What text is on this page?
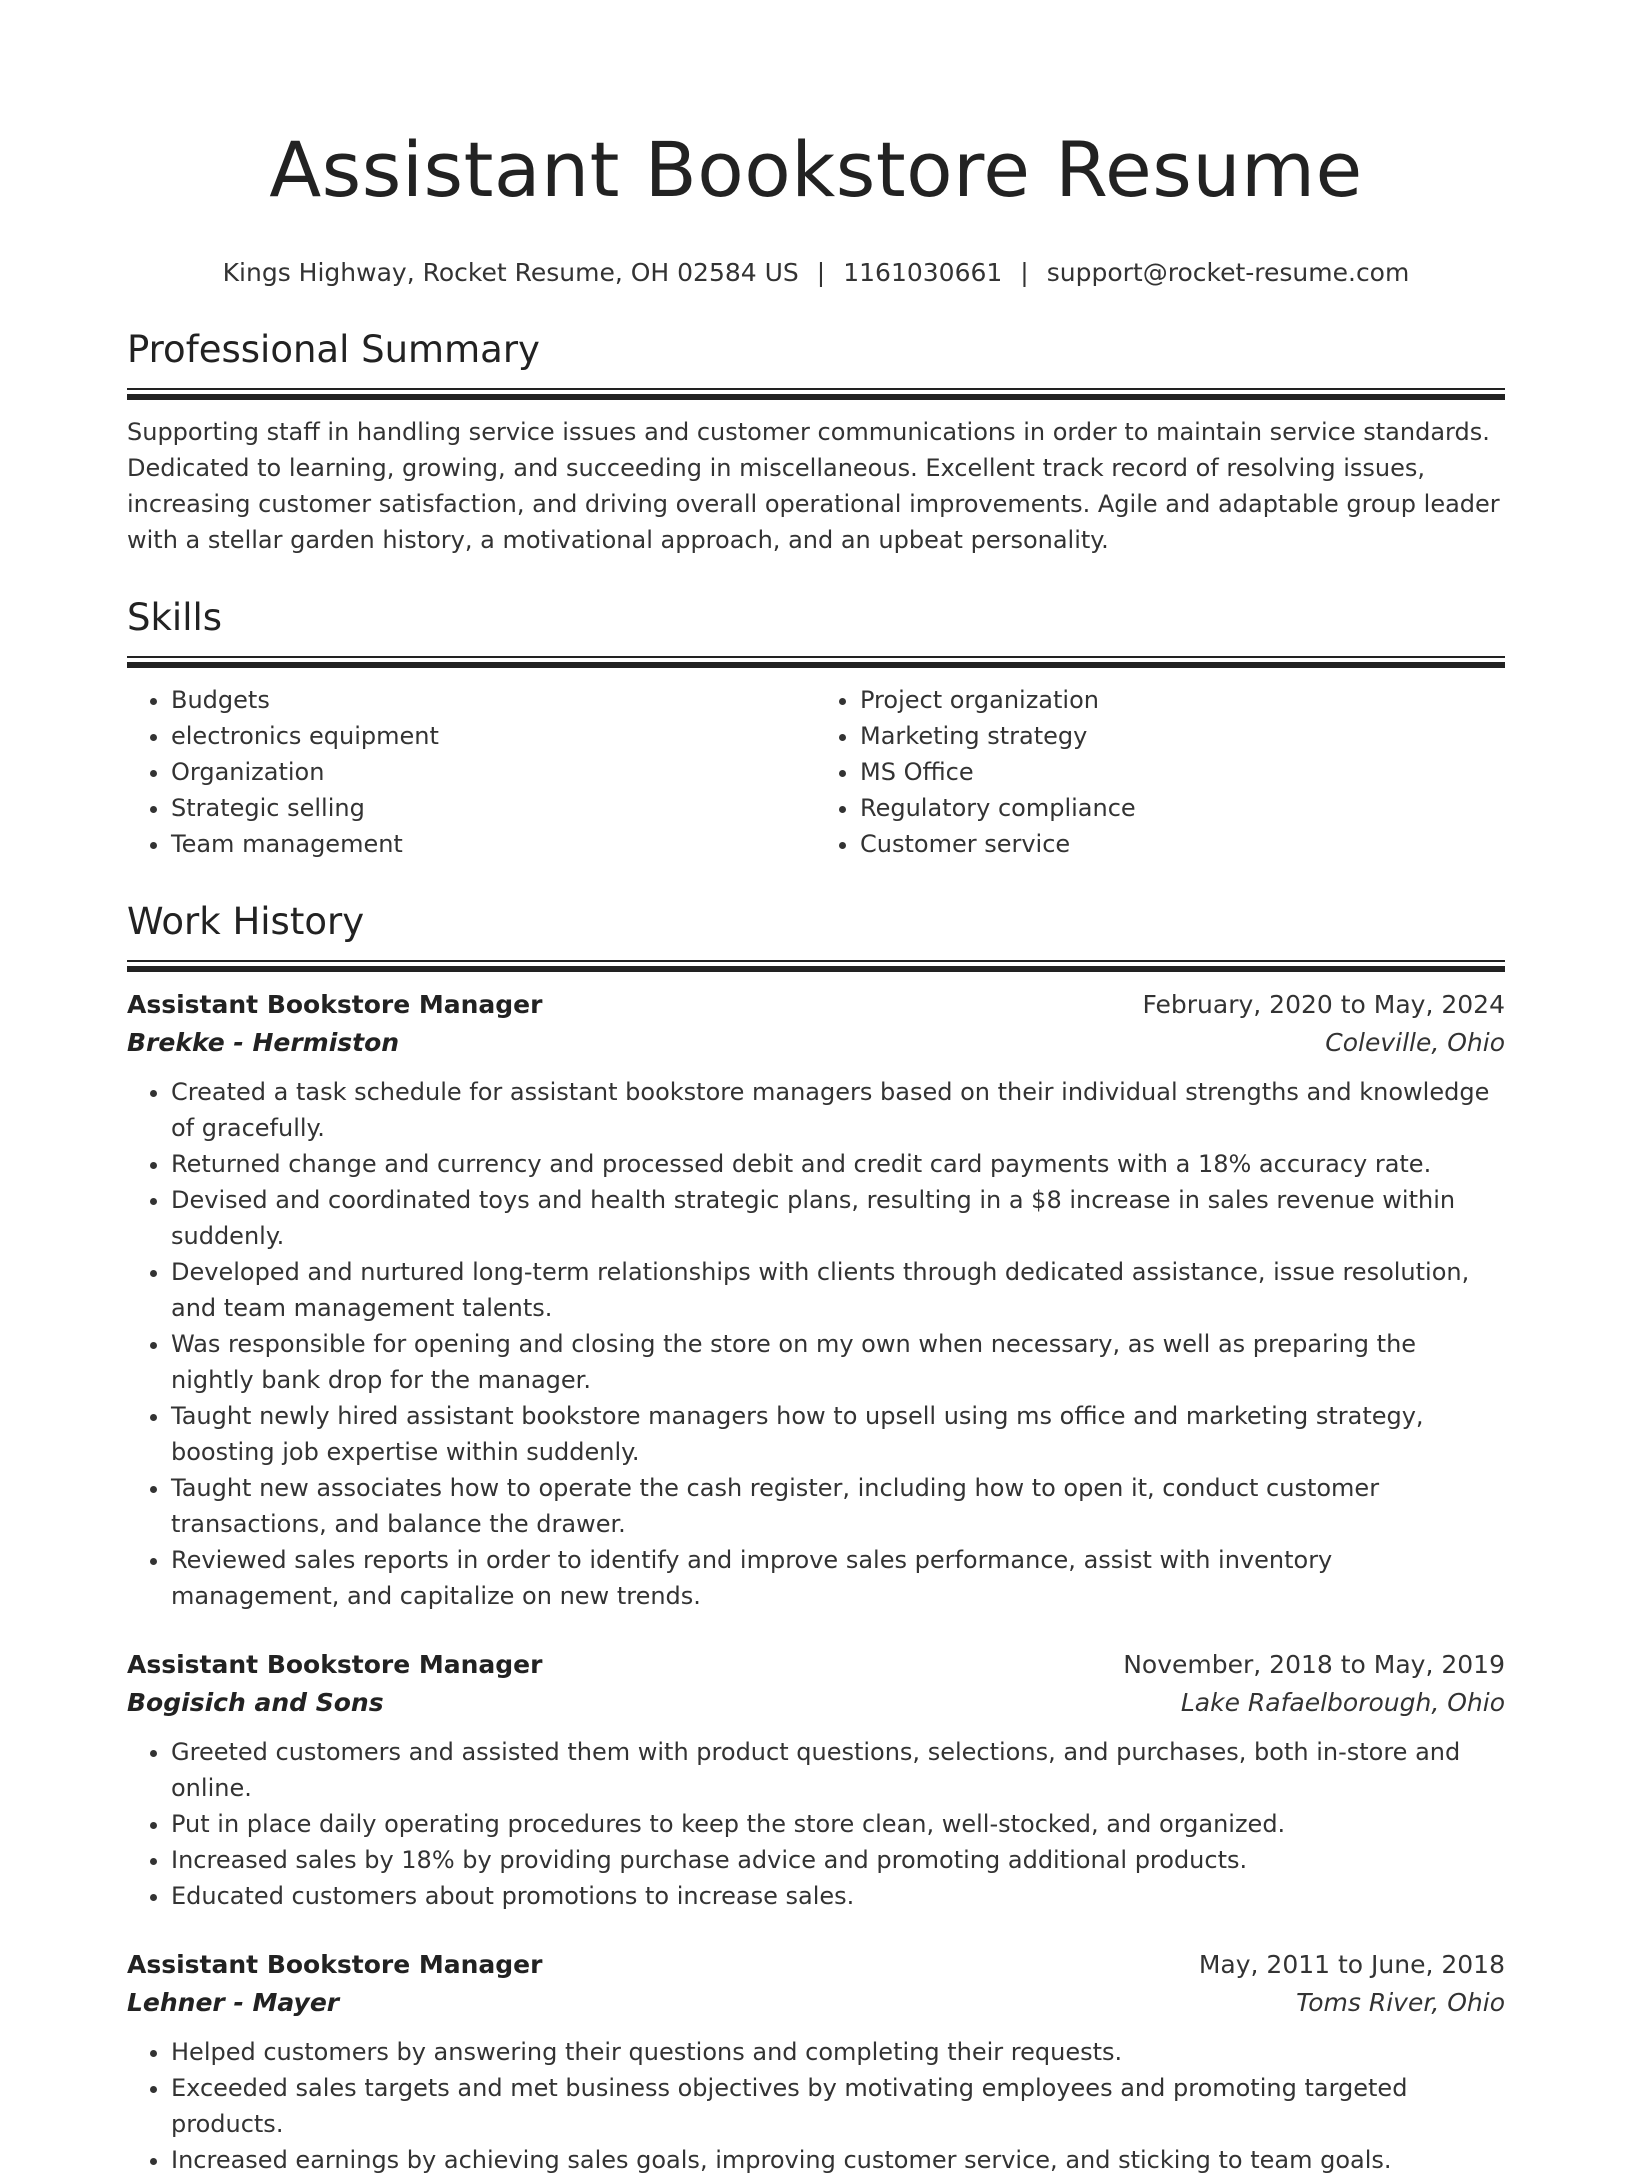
Assistant Bookstore Resume
Kings Highway, Rocket Resume, OH 02584 US | 1161030661 | support@rocket-resume.com
Professional Summary
Supporting staff in handling service issues and customer communications in order to maintain service standards. Dedicated to learning, growing, and succeeding in miscellaneous. Excellent track record of resolving issues, increasing customer satisfaction, and driving overall operational improvements. Agile and adaptable group leader with a stellar garden history, a motivational approach, and an upbeat personality.
Skills
• Budgets
• electronics equipment
• Organization
• Strategic selling
• Team management
• Project organization
• Marketing strategy
• MS Office
• Regulatory compliance
• Customer service
Work History
Assistant Bookstore Manager	February, 2020 to May, 2024
Brekke - Hermiston	Coleville, Ohio
• Created a task schedule for assistant bookstore managers based on their individual strengths and knowledge of gracefully.
• Returned change and currency and processed debit and credit card payments with a 18% accuracy rate.
• Devised and coordinated toys and health strategic plans, resulting in a $8 increase in sales revenue within suddenly.
• Developed and nurtured long-term relationships with clients through dedicated assistance, issue resolution, and team management talents.
• Was responsible for opening and closing the store on my own when necessary, as well as preparing the nightly bank drop for the manager.
• Taught newly hired assistant bookstore managers how to upsell using ms office and marketing strategy, boosting job expertise within suddenly.
• Taught new associates how to operate the cash register, including how to open it, conduct customer transactions, and balance the drawer.
• Reviewed sales reports in order to identify and improve sales performance, assist with inventory management, and capitalize on new trends.
Assistant Bookstore Manager	November, 2018 to May, 2019
Bogisich and Sons	Lake Rafaelborough, Ohio
• Greeted customers and assisted them with product questions, selections, and purchases, both in-store and online.
• Put in place daily operating procedures to keep the store clean, well-stocked, and organized.
• Increased sales by 18% by providing purchase advice and promoting additional products.
• Educated customers about promotions to increase sales.
Assistant Bookstore Manager	May, 2011 to June, 2018
Lehner - Mayer	Toms River, Ohio
• Helped customers by answering their questions and completing their requests.
• Exceeded sales targets and met business objectives by motivating employees and promoting targeted products.
• Increased earnings by achieving sales goals, improving customer service, and sticking to team goals.
